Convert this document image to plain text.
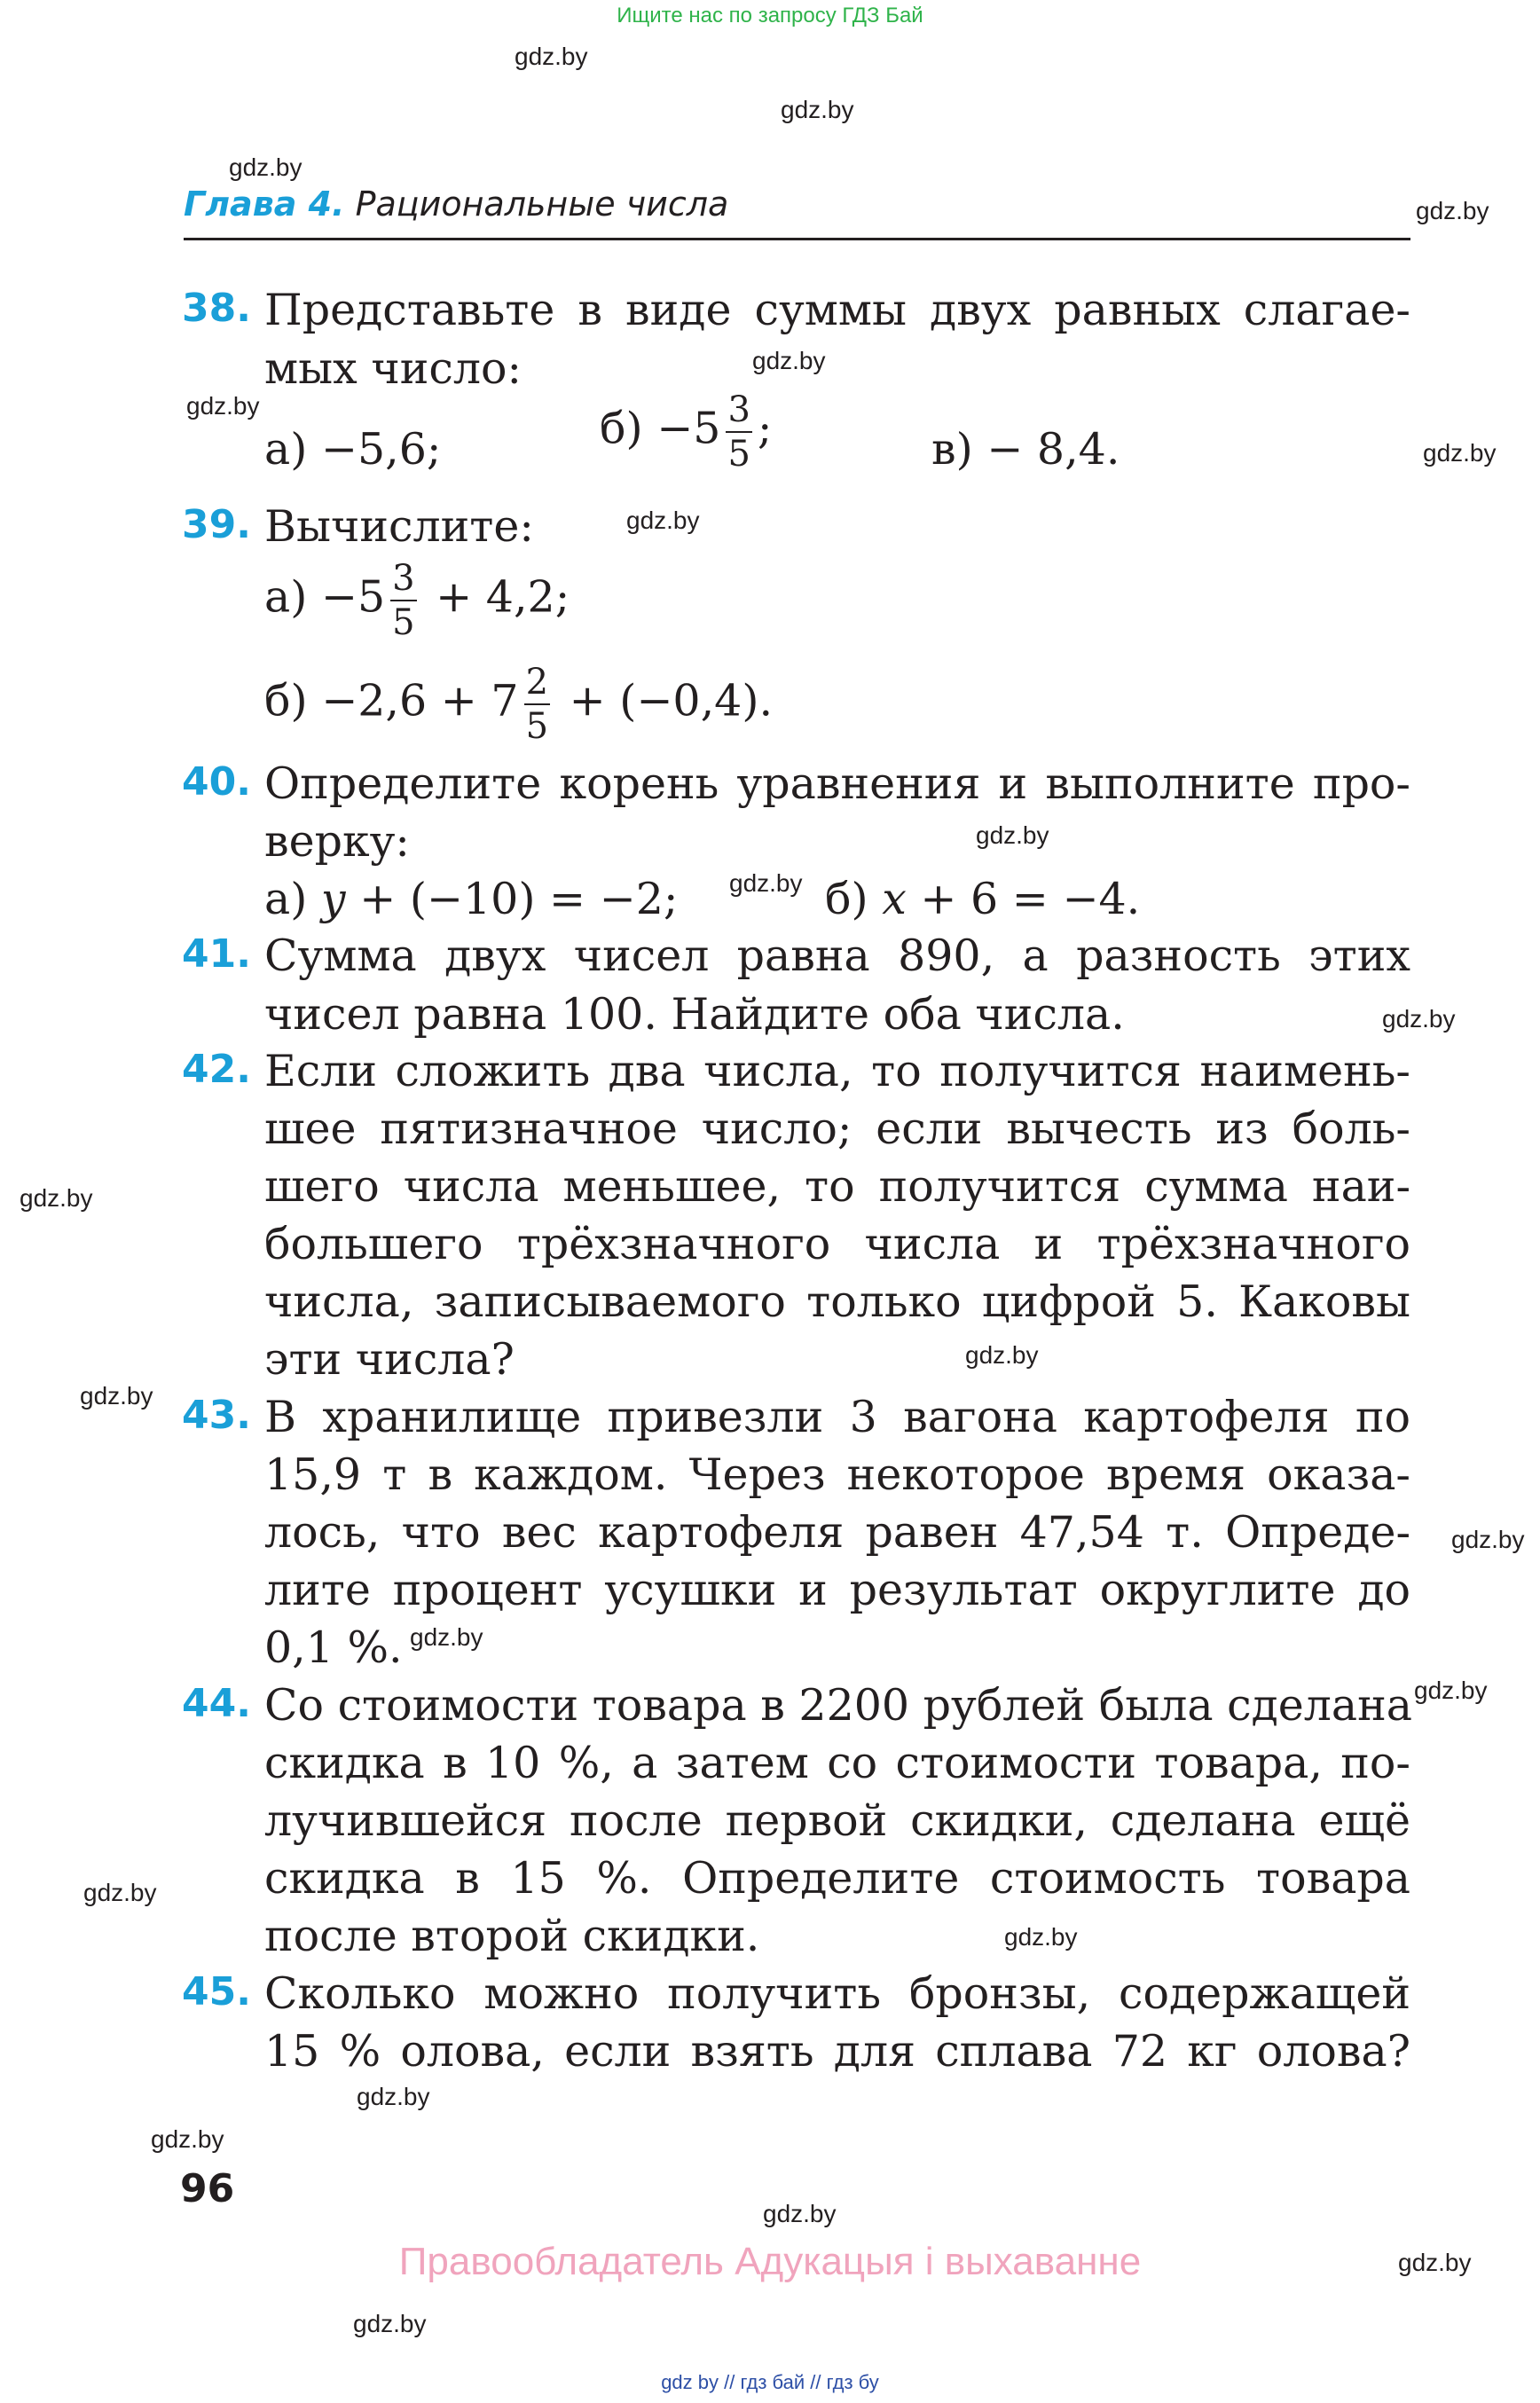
Ищите нас по запросу ГДЗ Бай
gdz.by
gdz.by
gdz.by
gdz.by
gdz.by
gdz.by
gdz.by
gdz.by
gdz.by
gdz.by
gdz.by
gdz.by
gdz.by
gdz.by
gdz.by
gdz.by
gdz.by
gdz.by
gdz.by
gdz.by
gdz.by
gdz.by
gdz.by
gdz.by
Глава 4. Рациональные числа
38. Представьте в виде суммы двух равных слагае-
мых число:
а) −5,6;	$б) -5 \frac{3}{5}$ ;	в) − 8,4.
39. Вычислите:
$а) -5 \frac{3}{5} + 4,2$;
$б) -2,6 + 7 \frac{2}{5} + (-0,4)$.
40. Определите корень уравнения и выполните про-
верку:
а) y + (−10) = −2;	б) x + 6 = −4.
41. Сумма двух чисел равна 890, а разность этих
чисел равна 100. Найдите оба числа.
42. Если сложить два числа, то получится наимень-
шее пятизначное число; если вычесть из боль-
шего числа меньшее, то получится сумма наи-
большего трёхзначного числа и трёхзначного
числа, записываемого только цифрой 5. Каковы
эти числа?
43. В хранилище привезли 3 вагона картофеля по
15,9 т в каждом. Через некоторое время оказа-
лось, что вес картофеля равен 47,54 т. Опреде-
лите процент усушки и результат округлите до
0,1 %.
44. Со стоимости товара в 2200 рублей была сделана
скидка в 10 %, а затем со стоимости товара, по-
лучившейся после первой скидки, сделана ещё
скидка в 15 %. Определите стоимость товара
после второй скидки.
45. Сколько можно получить бронзы, содержащей
15 % олова, если взять для сплава 72 кг олова?
96
Правообладатель Адукацыя і выхаванне
gdz by // гдз бай // гдз бу
